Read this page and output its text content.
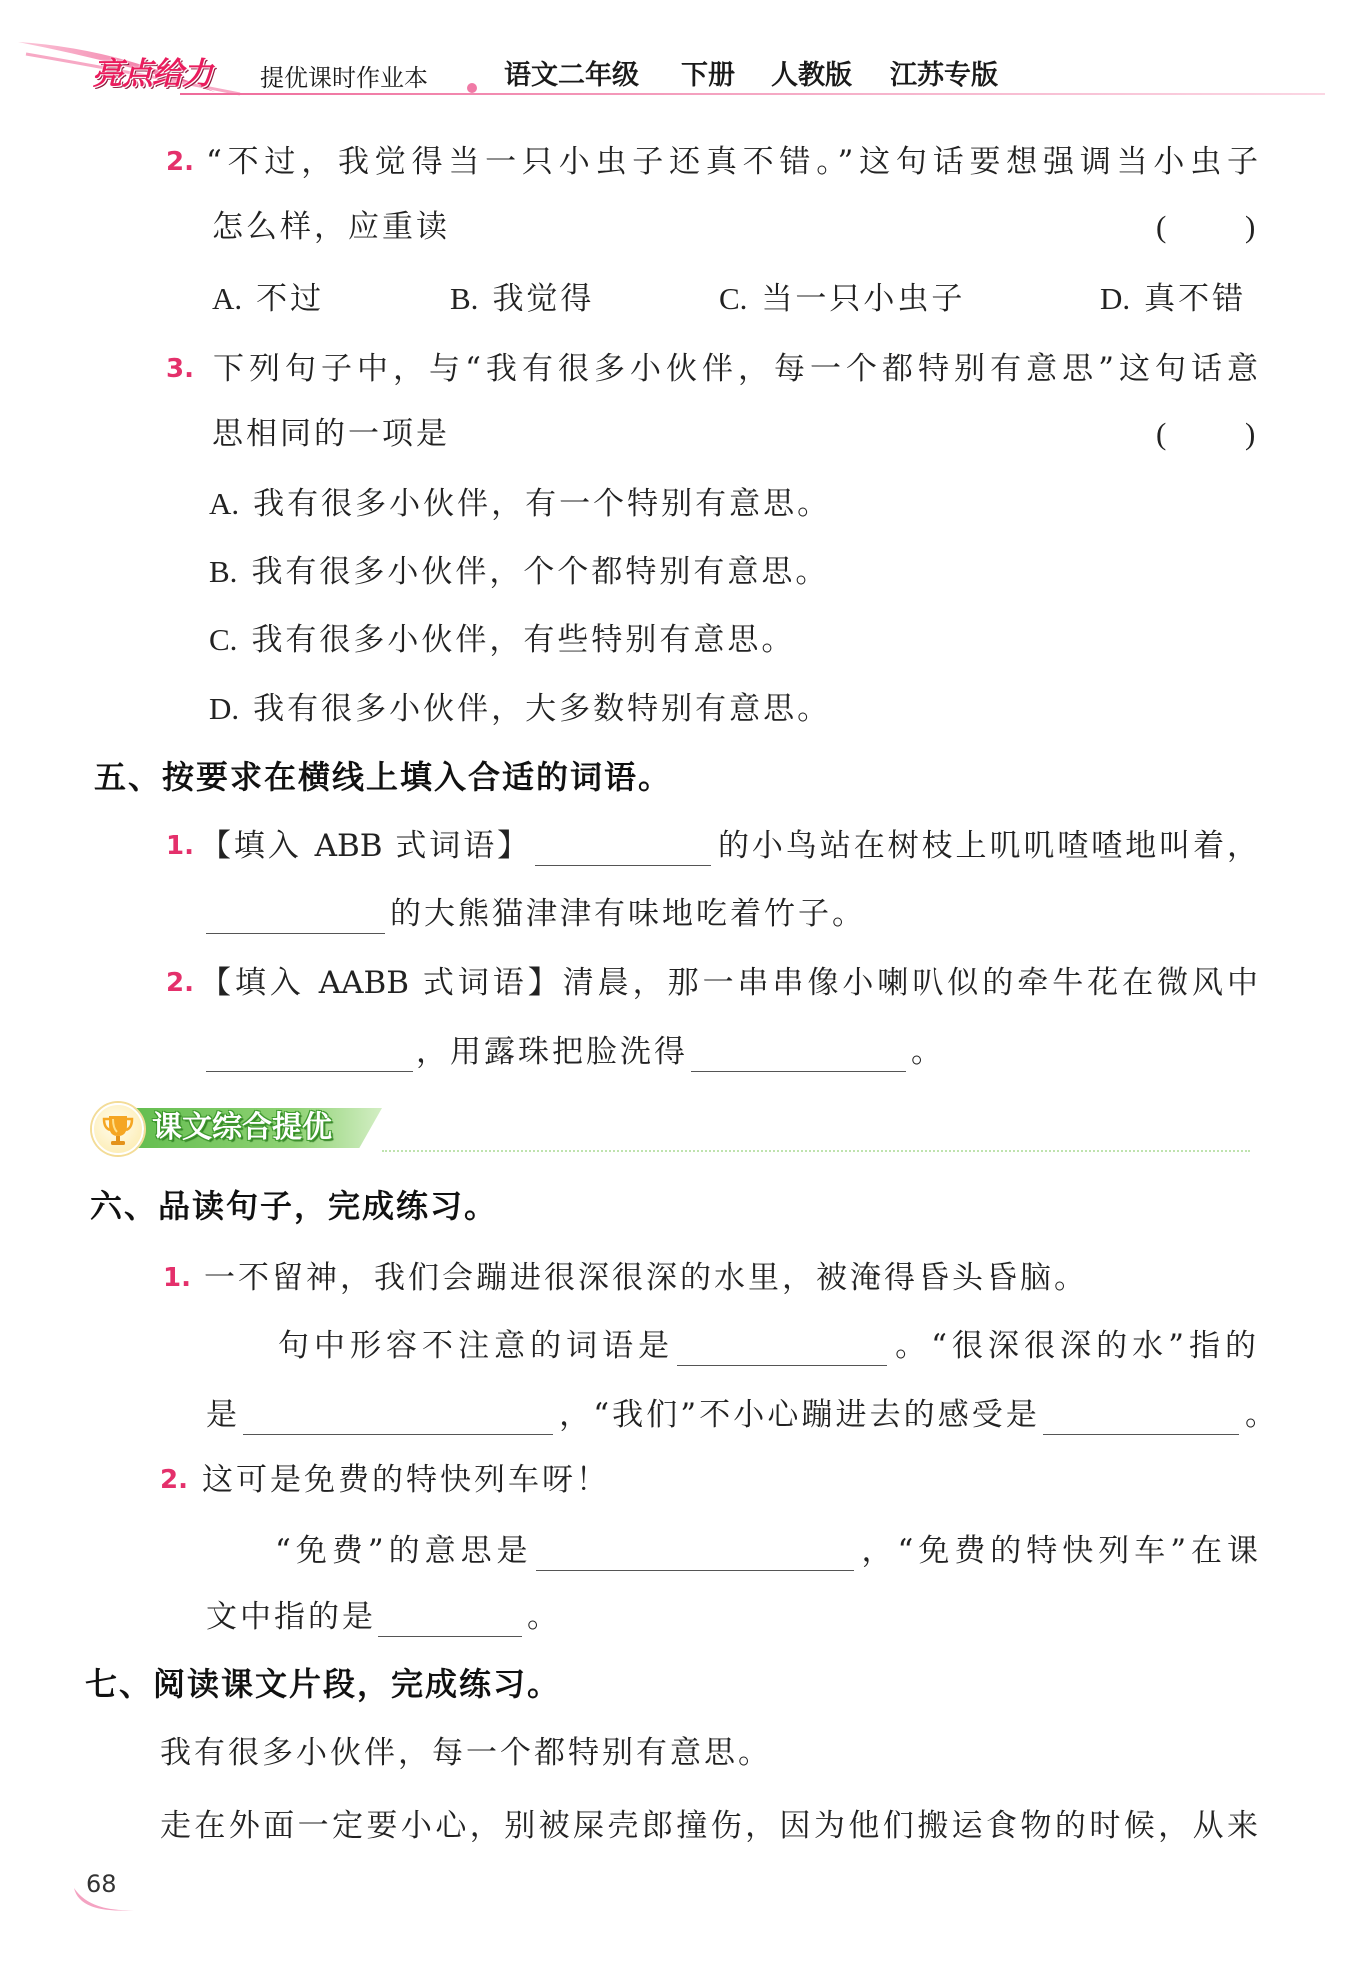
亮点给力 提优课时作业本	语文二年级 下册 人教版 江苏专版
2. “不过，我觉得当一只小虫子还真不错。”这句话要想强调当小虫子
怎么样，应重读	(	)
A. 不过	B. 我觉得	C. 当一只小虫子	D. 真不错
3. 下列句子中，与“我有很多小伙伴，每一个都特别有意思”这句话意
思相同的一项是	(	)
A. 我有很多小伙伴，有一个特别有意思。
B. 我有很多小伙伴，个个都特别有意思。
C. 我有很多小伙伴，有些特别有意思。
D. 我有很多小伙伴，大多数特别有意思。
五、按要求在横线上填入合适的词语。
1. 【填入 ABB 式词语】	的小鸟站在树枝上叽叽喳喳地叫着，
的大熊猫津津有味地吃着竹子。
2. 【填入 AABB 式词语】清晨，那一串串像小喇叭似的牵牛花在微风中
，用露珠把脸洗得	。
课文综合提优
六、品读句子，完成练习。
1. 一不留神，我们会蹦进很深很深的水里，被淹得昏头昏脑。
句中形容不注意的词语是	。“很深很深的水”指的
是	，“我们”不小心蹦进去的感受是	。
2. 这可是免费的特快列车呀！
“免费”的意思是	，“免费的特快列车”在课
文中指的是	。
七、阅读课文片段，完成练习。
我有很多小伙伴，每一个都特别有意思。
走在外面一定要小心，别被屎壳郎撞伤，因为他们搬运食物的时候，从来
68
